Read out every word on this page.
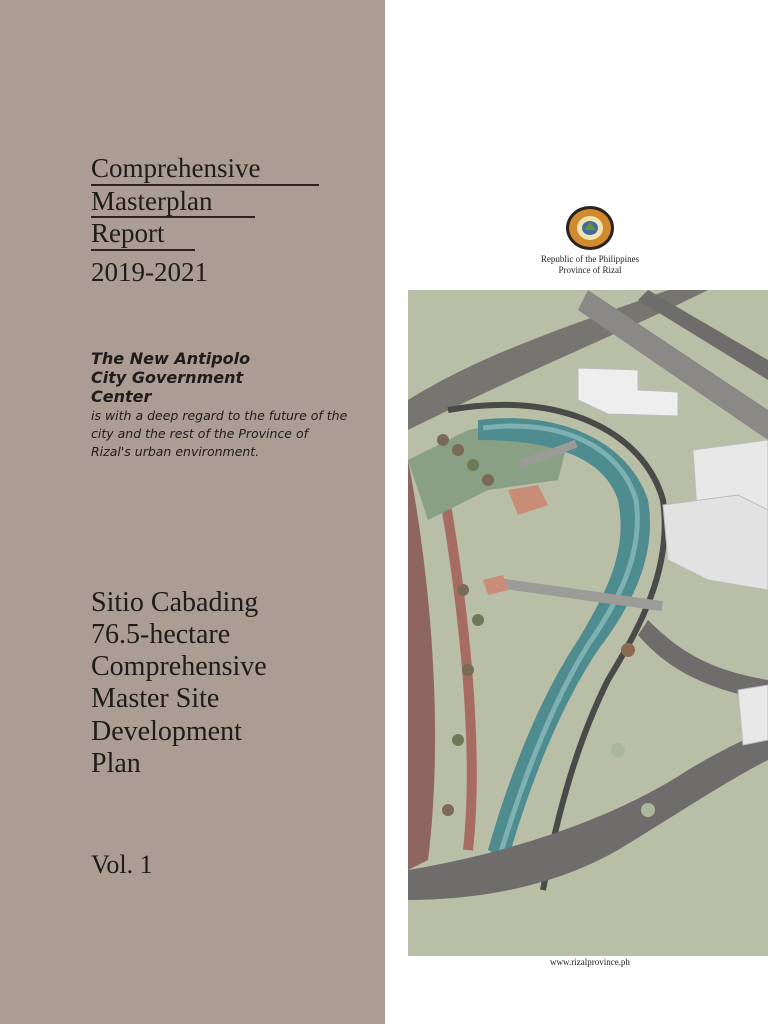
Comprehensive
Masterplan
Report
2019-2021
The New Antipolo
City Government
Center
is with a deep regard to the future of the city and the rest of the Province of Rizal's urban environment.
Sitio Cabading
76.5-hectare
Comprehensive
Master Site
Development
Plan
Vol. 1
Republic of the Philippines
Province of Rizal
www.rizalprovince.ph
